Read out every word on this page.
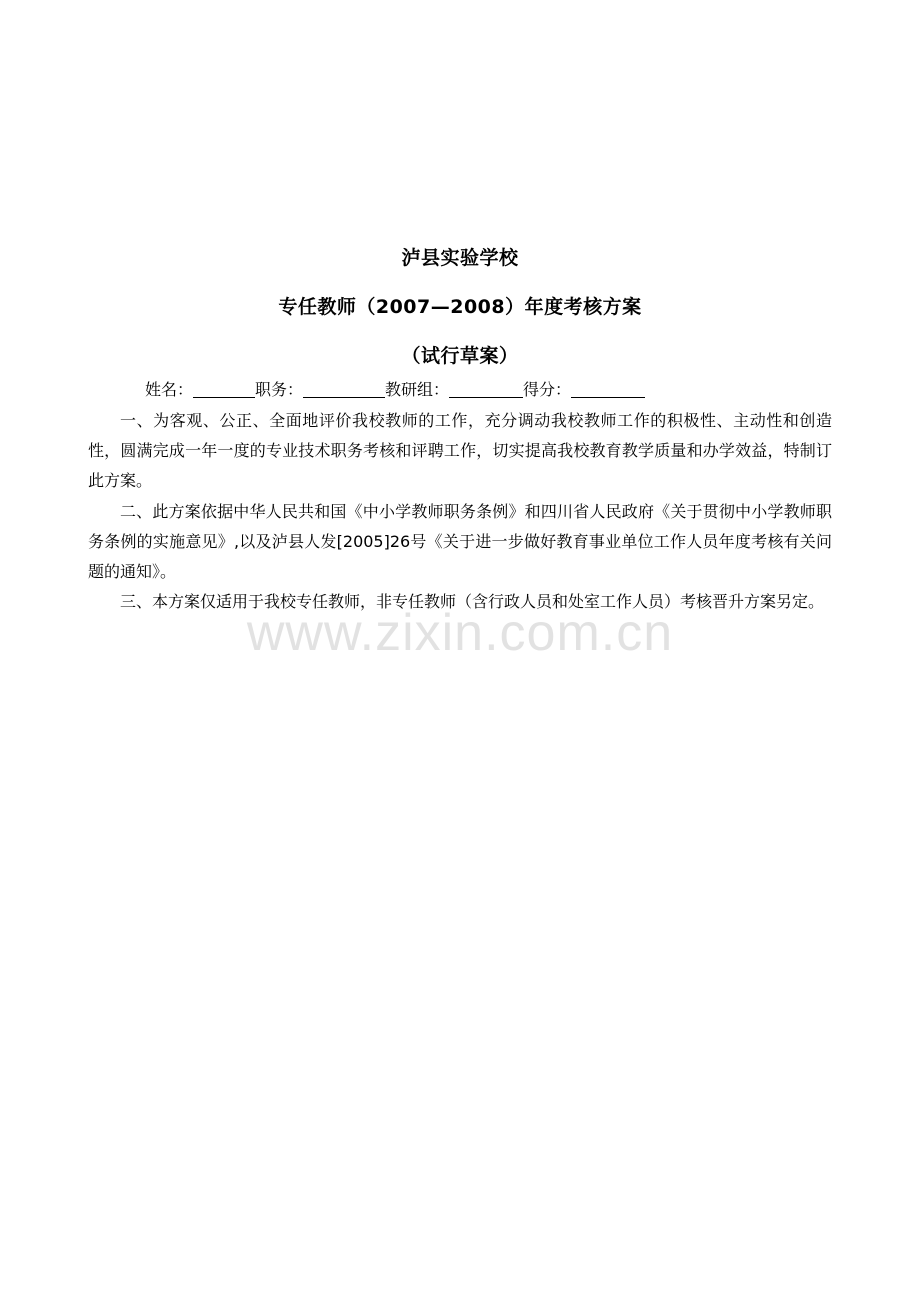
泸县实验学校
专任教师（2007—2008）年度考核方案
（试行草案）
姓名：	职务：	教研组：	得分：

一、为客观、公正、全面地评价我校教师的工作，充分调动我校教师工作的积极性、主动性和创造性，圆满完成一年一度的专业技术职务考核和评聘工作，切实提高我校教育教学质量和办学效益，特制订此方案。

二、此方案依据中华人民共和国《中小学教师职务条例》和四川省人民政府《关于贯彻中小学教师职务条例的实施意见》,以及泸县人发[2005]26号《关于进一步做好教育事业单位工作人员年度考核有关问题的通知》。

三、本方案仅适用于我校专任教师，非专任教师（含行政人员和处室工作人员）考核晋升方案另定。

www.zixin.com.cn
